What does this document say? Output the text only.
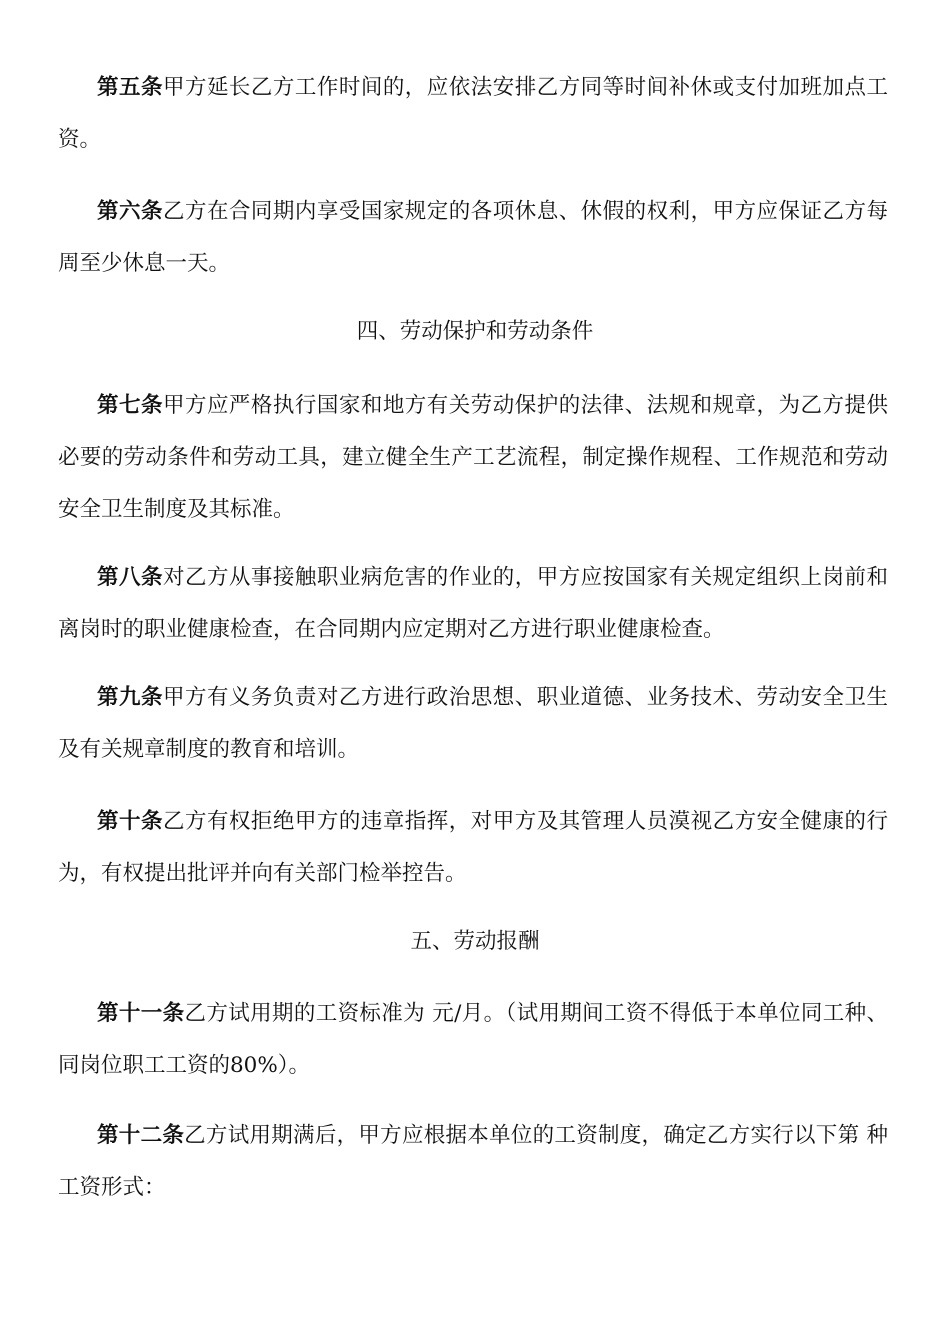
第五条甲方延长乙方工作时间的，应依法安排乙方同等时间补休或支付加班加点工资。

第六条乙方在合同期内享受国家规定的各项休息、休假的权利，甲方应保证乙方每周至少休息一天。

四、劳动保护和劳动条件

第七条甲方应严格执行国家和地方有关劳动保护的法律、法规和规章，为乙方提供必要的劳动条件和劳动工具，建立健全生产工艺流程，制定操作规程、工作规范和劳动安全卫生制度及其标准。

第八条对乙方从事接触职业病危害的作业的，甲方应按国家有关规定组织上岗前和离岗时的职业健康检查，在合同期内应定期对乙方进行职业健康检查。

第九条甲方有义务负责对乙方进行政治思想、职业道德、业务技术、劳动安全卫生及有关规章制度的教育和培训。

第十条乙方有权拒绝甲方的违章指挥，对甲方及其管理人员漠视乙方安全健康的行为，有权提出批评并向有关部门检举控告。

五、劳动报酬

第十一条乙方试用期的工资标准为 元/月。（试用期间工资不得低于本单位同工种、同岗位职工工资的80%）。

第十二条乙方试用期满后，甲方应根据本单位的工资制度，确定乙方实行以下第 种工资形式：
